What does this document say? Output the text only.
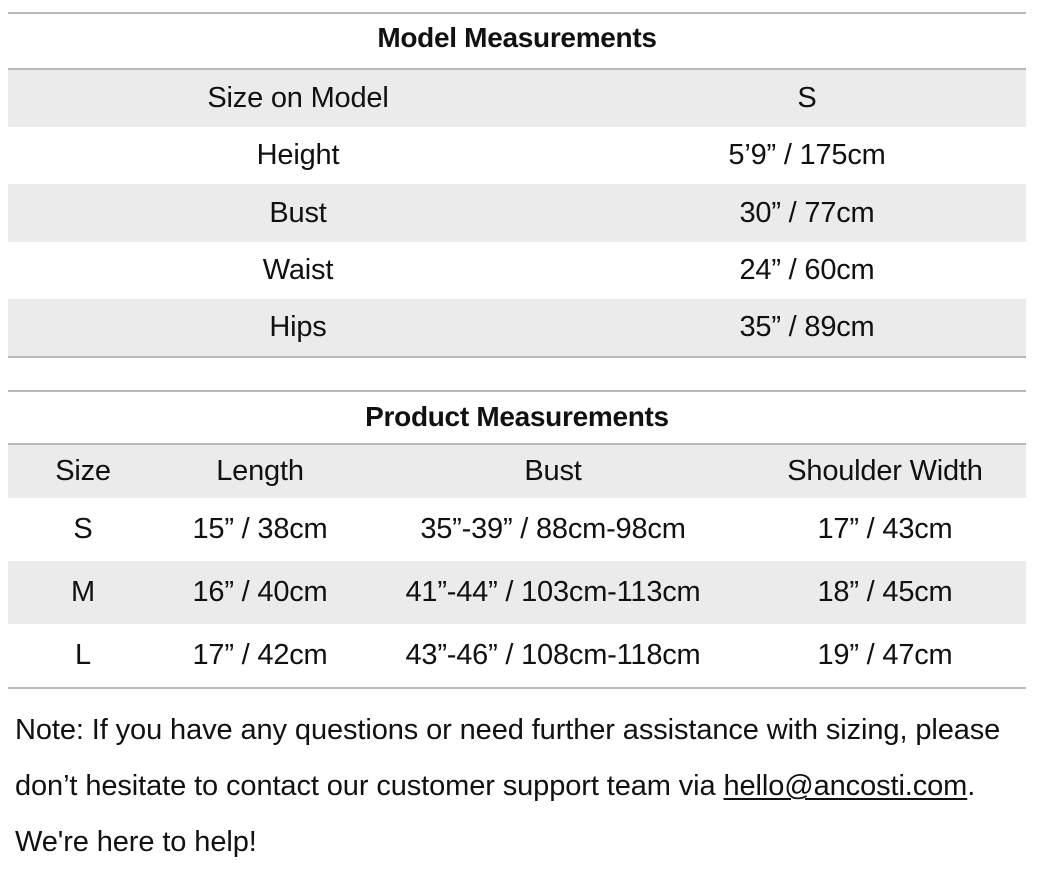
Model Measurements
Size on Model	S
Height	5’9” / 175cm
Bust	30” / 77cm
Waist	24” / 60cm
Hips	35” / 89cm
Product Measurements
Size	Length	Bust	Shoulder Width
S	15” / 38cm	35”-39” / 88cm-98cm	17” / 43cm
M	16” / 40cm	41”-44” / 103cm-113cm	18” / 45cm
L	17” / 42cm	43”-46” / 108cm-118cm	19” / 47cm

Note: If you have any questions or need further assistance with sizing, please don’t hesitate to contact our customer support team via hello@ancosti.com. We're here to help!
